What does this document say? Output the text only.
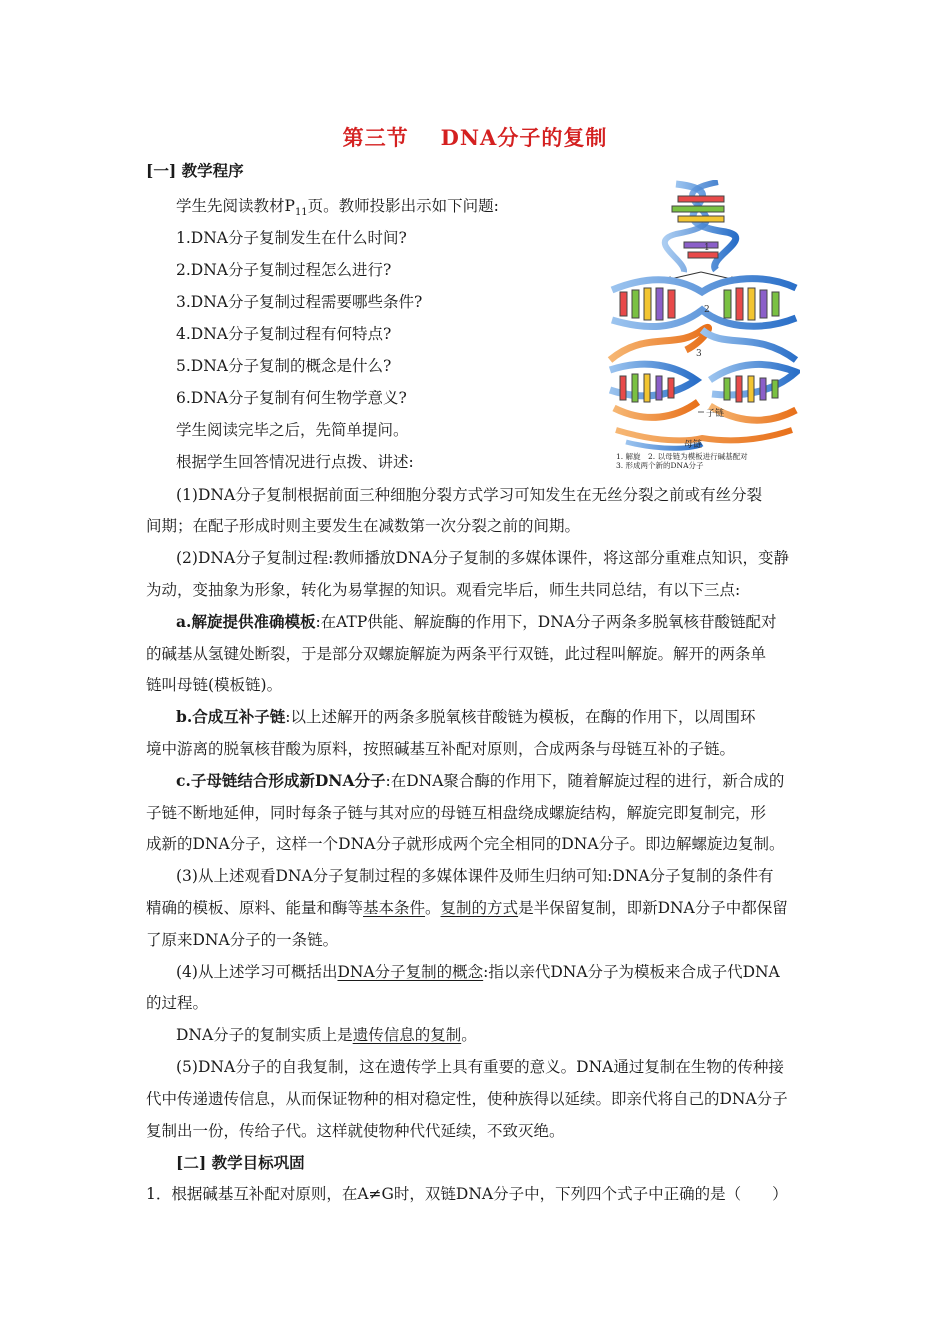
第三节 DNA分子的复制
[一] 教学程序
学生先阅读教材$P_{11}$页。教师投影出示如下问题:
1.DNA分子复制发生在什么时间?
2.DNA分子复制过程怎么进行?
3.DNA分子复制过程需要哪些条件?
4.DNA分子复制过程有何特点?
5.DNA分子复制的概念是什么?
6.DNA分子复制有何生物学意义?
学生阅读完毕之后，先简单提问。
根据学生回答情况进行点拨、讲述:
1
2
3
子链
母链
1. 解旋　2. 以母链为模板进行碱基配对
3. 形成两个新的DNA分子
(1)DNA分子复制根据前面三种细胞分裂方式学习可知发生在无丝分裂之前或有丝分裂
间期；在配子形成时则主要发生在减数第一次分裂之前的间期。
(2)DNA分子复制过程:教师播放DNA分子复制的多媒体课件，将这部分重难点知识，变静
为动，变抽象为形象，转化为易掌握的知识。观看完毕后，师生共同总结，有以下三点:
a.解旋提供准确模板:在ATP供能、解旋酶的作用下，DNA分子两条多脱氧核苷酸链配对
的碱基从氢键处断裂，于是部分双螺旋解旋为两条平行双链，此过程叫解旋。解开的两条单
链叫母链(模板链)。
b.合成互补子链:以上述解开的两条多脱氧核苷酸链为模板，在酶的作用下，以周围环
境中游离的脱氧核苷酸为原料，按照碱基互补配对原则，合成两条与母链互补的子链。
c.子母链结合形成新DNA分子:在DNA聚合酶的作用下，随着解旋过程的进行，新合成的
子链不断地延伸，同时每条子链与其对应的母链互相盘绕成螺旋结构，解旋完即复制完，形
成新的DNA分子，这样一个DNA分子就形成两个完全相同的DNA分子。即边解螺旋边复制。
(3)从上述观看DNA分子复制过程的多媒体课件及师生归纳可知:DNA分子复制的条件有
精确的模板、原料、能量和酶等基本条件。复制的方式是半保留复制，即新DNA分子中都保留
了原来DNA分子的一条链。
(4)从上述学习可概括出DNA分子复制的概念:指以亲代DNA分子为模板来合成子代DNA
的过程。
DNA分子的复制实质上是遗传信息的复制。
(5)DNA分子的自我复制，这在遗传学上具有重要的意义。DNA通过复制在生物的传种接
代中传递遗传信息，从而保证物种的相对稳定性，使种族得以延续。即亲代将自己的DNA分子
复制出一份，传给子代。这样就使物种代代延续，不致灭绝。
[二] 教学目标巩固
1．根据碱基互补配对原则，在A≠G时，双链DNA分子中，下列四个式子中正确的是（　　）
